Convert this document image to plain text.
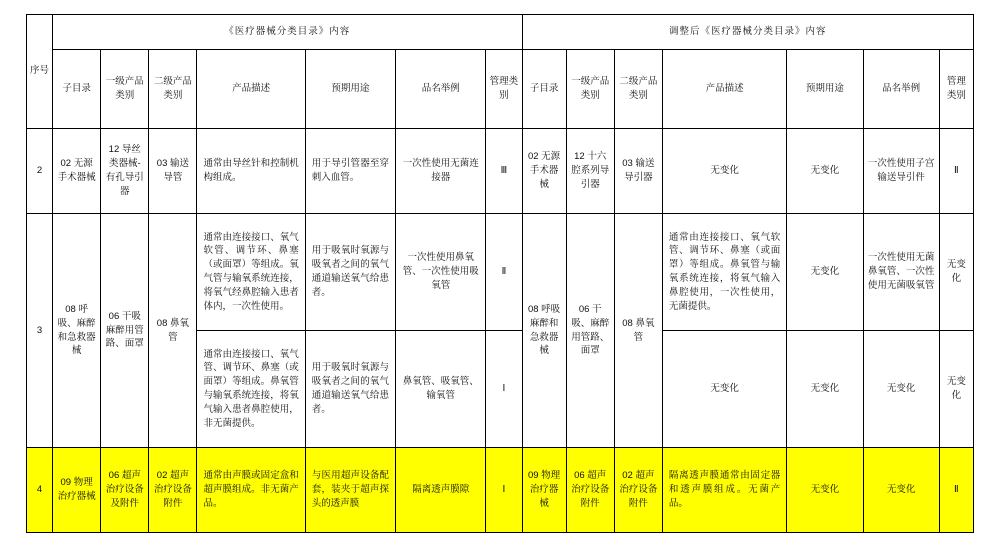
序号	《医疗器械分类目录》内容							调整后《医疗器械分类目录》内容						

	子目录	一级产品类别	二级产品类别	产品描述	预期用途	品名举例	管理类别	子目录	一级产品类别	二级产品类别	产品描述	预期用途	品名举例	管理类别

2	02 无源手术器械	12 导丝类器械-有孔导引器	03 输送导管	通常由导丝针和控制机构组成。	用于导引管器至穿刺入血管。	一次性使用无菌连接器	Ⅲ	02 无源手术器械	12 十六腔系列导引器	03 输送导引器	无变化	无变化	一次性使用子宫输送导引件	Ⅱ
3	08 呼吸、麻醉和急救器械	06 干吸麻醉用管路、面罩	08 鼻氧管	通常由连接接口、氧气软管、调节环、鼻塞（或面罩）等组成。氧气管与输氧系统连接，将氧气经鼻腔输入患者体内，一次性使用。	用于吸氧时氧源与吸氧者之间的氧气通道输送氧气给患者。	一次性使用鼻氧管、一次性使用吸氧管	Ⅱ	08 呼吸麻醉和急救器械	06 干吸、麻醉用管路、面罩	08 鼻氧管	通常由连接接口、氧气软管、调节环、鼻塞（或面罩）等组成。鼻氧管与输氧系统连接，将氧气输入鼻腔使用，一次性使用，无菌提供。	无变化	一次性使用无菌鼻氧管、一次性使用无菌吸氧管	无变化

				通常由连接接口、氧气管、调节环、鼻塞（或面罩）等组成。鼻氧管与输氧系统连接，将氧气输入患者鼻腔使用，非无菌提供。	用于吸氧时氧源与吸氧者之间的氧气通道输送氧气给患者。	鼻氧管、吸氧管、输氧管	Ⅰ				无变化	无变化	无变化	无变化

4	09 物理治疗器械	06 超声治疗设备及附件	02 超声治疗设备附件	通常由声膜或固定盒和超声膜组成。非无菌产品。	与医用超声设备配套，装夹于超声探头的透声膜	隔离透声膜隙	Ⅰ	09 物理治疗器械	06 超声治疗设备附件	02 超声治疗设备附件	隔离透声膜通常由固定器和透声膜组成。无菌产品。	无变化	无变化	Ⅱ
